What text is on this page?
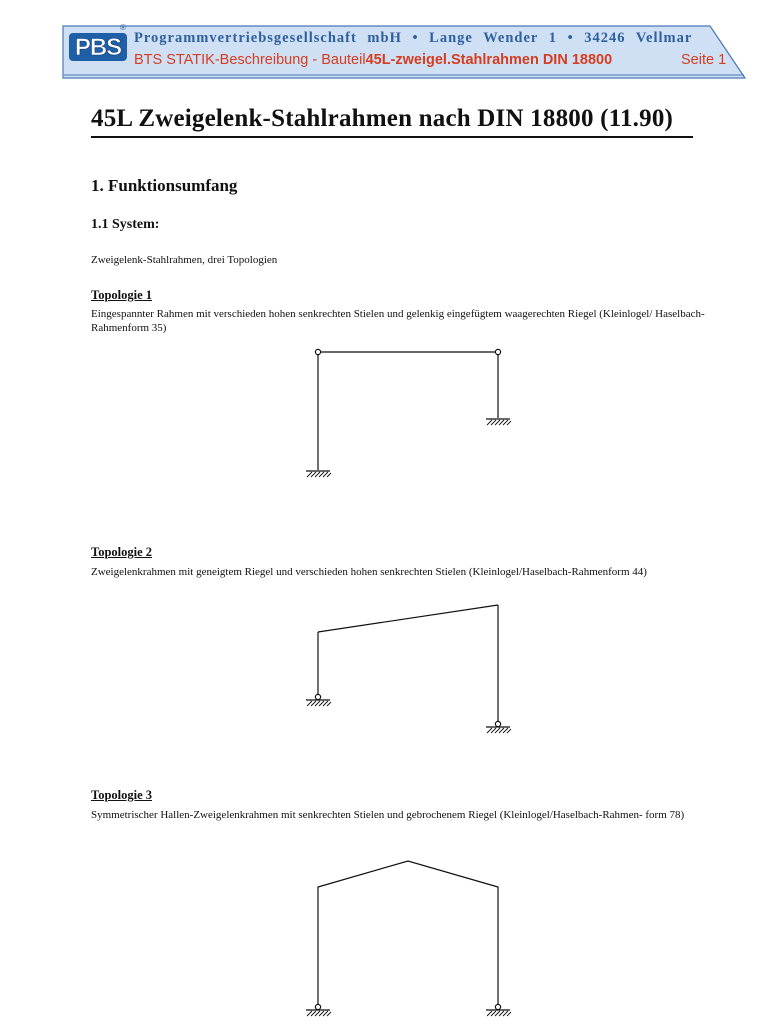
PBS
®
Programmvertriebsgesellschaft mbH • Lange Wender 1 • 34246 Vellmar
BTS STATIK-Beschreibung - Bauteil45L-zweigel.Stahlrahmen DIN 18800	Seite 1
45L Zweigelenk-Stahlrahmen nach DIN 18800 (11.90)
1. Funktionsumfang
1.1 System:
Zweigelenk-Stahlrahmen, drei Topologien
Topologie 1
Eingespannter Rahmen mit verschieden hohen senkrechten Stielen und gelenkig eingefügtem waagerechten Riegel (Kleinlogel/ Haselbach-Rahmenform 35)
Topologie 2
Zweigelenkrahmen mit geneigtem Riegel und verschieden hohen senkrechten Stielen (Kleinlogel/Haselbach-Rahmenform 44)
Topologie 3
Symmetrischer Hallen-Zweigelenkrahmen mit senkrechten Stielen und gebrochenem Riegel (Kleinlogel/Haselbach-Rahmen- form 78)
